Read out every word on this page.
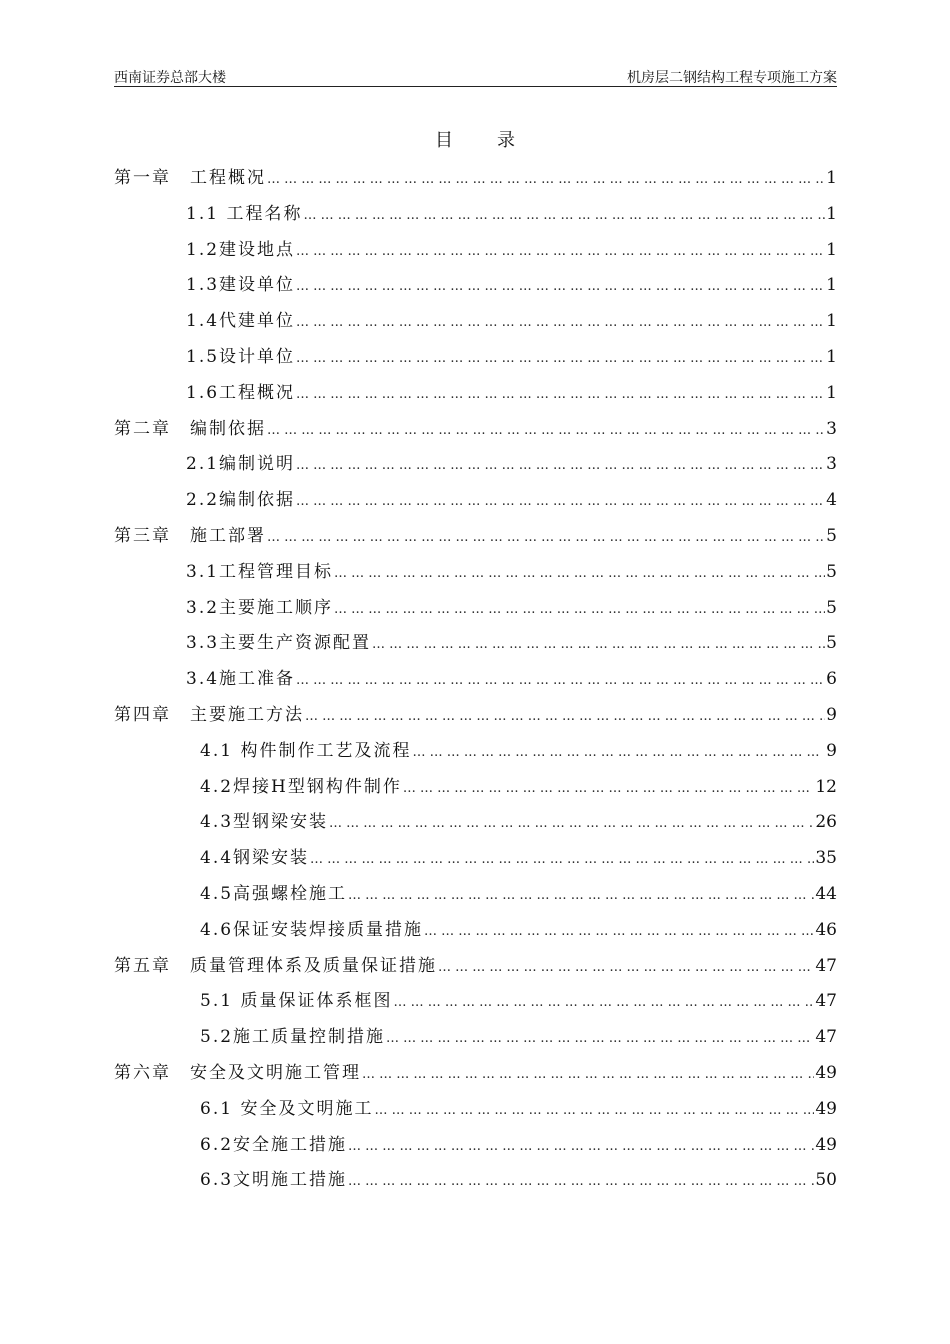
西南证券总部大楼	机房层二钢结构工程专项施工方案
目录
第一章 工程概况 … … … … … … … … … … … … … … … … … … … … … … … … … … … … … … … … … … … … … … … … … … … … … … … … … … … … … … … … … … … … … … … … … … … … … … …	1
1.1 工程名称 … … … … … … … … … … … … … … … … … … … … … … … … … … … … … … … … … … … … … … … … … … … … … … … … … … … … … … … … … … … … … … … … … … … … … … …	1
1.2建设地点 … … … … … … … … … … … … … … … … … … … … … … … … … … … … … … … … … … … … … … … … … … … … … … … … … … … … … … … … … … … … … … … … … … … … … … …	1
1.3建设单位 … … … … … … … … … … … … … … … … … … … … … … … … … … … … … … … … … … … … … … … … … … … … … … … … … … … … … … … … … … … … … … … … … … … … … … …	1
1.4代建单位 … … … … … … … … … … … … … … … … … … … … … … … … … … … … … … … … … … … … … … … … … … … … … … … … … … … … … … … … … … … … … … … … … … … … … … …	1
1.5设计单位 … … … … … … … … … … … … … … … … … … … … … … … … … … … … … … … … … … … … … … … … … … … … … … … … … … … … … … … … … … … … … … … … … … … … … … …	1
1.6工程概况 … … … … … … … … … … … … … … … … … … … … … … … … … … … … … … … … … … … … … … … … … … … … … … … … … … … … … … … … … … … … … … … … … … … … … … …	1
第二章 编制依据 … … … … … … … … … … … … … … … … … … … … … … … … … … … … … … … … … … … … … … … … … … … … … … … … … … … … … … … … … … … … … … … … … … … … … … …	3
2.1编制说明 … … … … … … … … … … … … … … … … … … … … … … … … … … … … … … … … … … … … … … … … … … … … … … … … … … … … … … … … … … … … … … … … … … … … … … …	3
2.2编制依据 … … … … … … … … … … … … … … … … … … … … … … … … … … … … … … … … … … … … … … … … … … … … … … … … … … … … … … … … … … … … … … … … … … … … … … …	4
第三章 施工部署 … … … … … … … … … … … … … … … … … … … … … … … … … … … … … … … … … … … … … … … … … … … … … … … … … … … … … … … … … … … … … … … … … … … … … … …	5
3.1工程管理目标 … … … … … … … … … … … … … … … … … … … … … … … … … … … … … … … … … … … … … … … … … … … … … … … … … … … … … … … … … … … … … … … … … … … … … … …	5
3.2主要施工顺序 … … … … … … … … … … … … … … … … … … … … … … … … … … … … … … … … … … … … … … … … … … … … … … … … … … … … … … … … … … … … … … … … … … … … … … …	5
3.3主要生产资源配置 … … … … … … … … … … … … … … … … … … … … … … … … … … … … … … … … … … … … … … … … … … … … … … … … … … … … … … … … … … … … … … … … … … … … … … …	5
3.4施工准备 … … … … … … … … … … … … … … … … … … … … … … … … … … … … … … … … … … … … … … … … … … … … … … … … … … … … … … … … … … … … … … … … … … … … … … …	6
第四章 主要施工方法 … … … … … … … … … … … … … … … … … … … … … … … … … … … … … … … … … … … … … … … … … … … … … … … … … … … … … … … … … … … … … … … … … … … … … … …	9
4.1 构件制作工艺及流程 … … … … … … … … … … … … … … … … … … … … … … … … … … … … … … … … … … … … … … … … … … … … … … … … … … … … … … … … … … … … … … … … … … … … … … …	9
4.2焊接H型钢构件制作 … … … … … … … … … … … … … … … … … … … … … … … … … … … … … … … … … … … … … … … … … … … … … … … … … … … … … … … … … … … … … … … … … … … … … … …	12
4.3型钢梁安装 … … … … … … … … … … … … … … … … … … … … … … … … … … … … … … … … … … … … … … … … … … … … … … … … … … … … … … … … … … … … … … … … … … … … … … …	26
4.4钢梁安装 … … … … … … … … … … … … … … … … … … … … … … … … … … … … … … … … … … … … … … … … … … … … … … … … … … … … … … … … … … … … … … … … … … … … … … …	35
4.5高强螺栓施工 … … … … … … … … … … … … … … … … … … … … … … … … … … … … … … … … … … … … … … … … … … … … … … … … … … … … … … … … … … … … … … … … … … … … … … …	44
4.6保证安装焊接质量措施 … … … … … … … … … … … … … … … … … … … … … … … … … … … … … … … … … … … … … … … … … … … … … … … … … … … … … … … … … … … … … … … … … … … … … … …	46
第五章 质量管理体系及质量保证措施 … … … … … … … … … … … … … … … … … … … … … … … … … … … … … … … … … … … … … … … … … … … … … … … … … … … … … … … … … … … … … … … … … … … … … … …	47
5.1 质量保证体系框图 … … … … … … … … … … … … … … … … … … … … … … … … … … … … … … … … … … … … … … … … … … … … … … … … … … … … … … … … … … … … … … … … … … … … … … …	47
5.2施工质量控制措施 … … … … … … … … … … … … … … … … … … … … … … … … … … … … … … … … … … … … … … … … … … … … … … … … … … … … … … … … … … … … … … … … … … … … … … …	47
第六章 安全及文明施工管理 … … … … … … … … … … … … … … … … … … … … … … … … … … … … … … … … … … … … … … … … … … … … … … … … … … … … … … … … … … … … … … … … … … … … … … …	49
6.1 安全及文明施工 … … … … … … … … … … … … … … … … … … … … … … … … … … … … … … … … … … … … … … … … … … … … … … … … … … … … … … … … … … … … … … … … … … … … … … …	49
6.2安全施工措施 … … … … … … … … … … … … … … … … … … … … … … … … … … … … … … … … … … … … … … … … … … … … … … … … … … … … … … … … … … … … … … … … … … … … … … …	49
6.3文明施工措施 … … … … … … … … … … … … … … … … … … … … … … … … … … … … … … … … … … … … … … … … … … … … … … … … … … … … … … … … … … … … … … … … … … … … … … …	50
